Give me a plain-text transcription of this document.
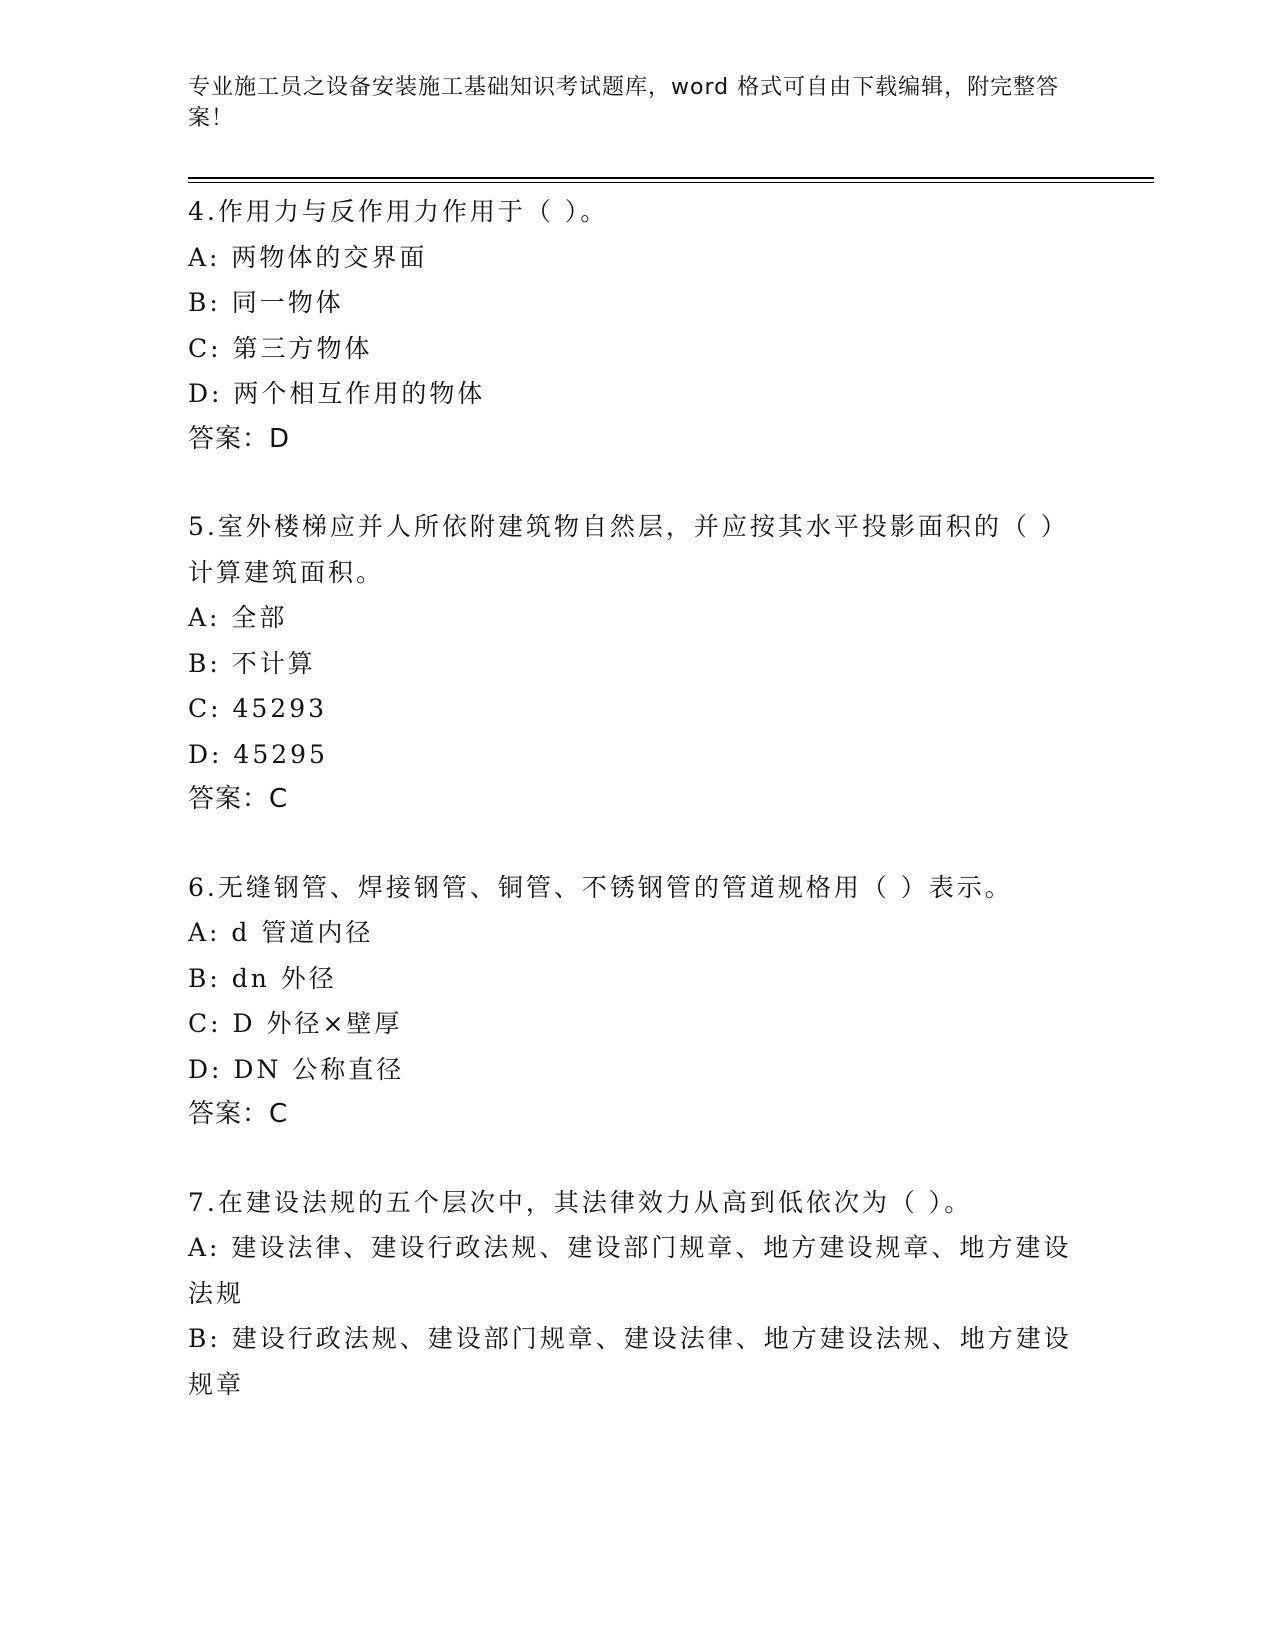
专业施工员之设备安装施工基础知识考试题库，word 格式可自由下载编辑，附完整答案！
4.作用力与反作用力作用于（ ）。
A: 两物体的交界面
B: 同一物体
C: 第三方物体
D: 两个相互作用的物体
答案：D
5.室外楼梯应并人所依附建筑物自然层，并应按其水平投影面积的（ ）计算建筑面积。
A: 全部
B: 不计算
C: 45293
D: 45295
答案：C
6.无缝钢管、焊接钢管、铜管、不锈钢管的管道规格用（ ）表示。
A: d 管道内径
B: dn 外径
C: D 外径×壁厚
D: DN 公称直径
答案：C
7.在建设法规的五个层次中，其法律效力从高到低依次为（ ）。
A: 建设法律、建设行政法规、建设部门规章、地方建设规章、地方建设法规
B: 建设行政法规、建设部门规章、建设法律、地方建设法规、地方建设规章
